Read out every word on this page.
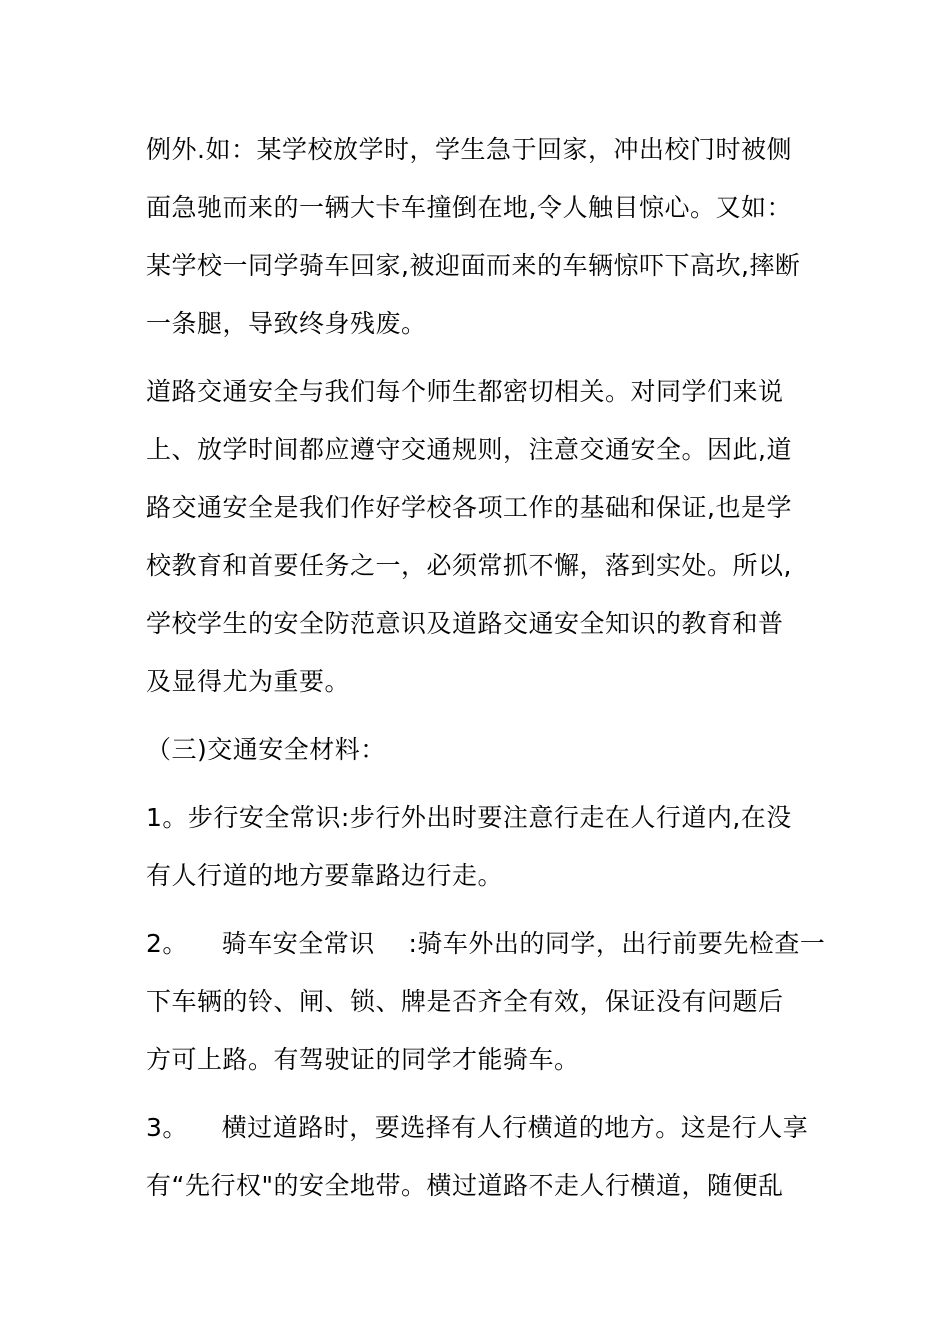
例外.如：某学校放学时，学生急于回家，冲出校门时被侧

面急驰而来的一辆大卡车撞倒在地,令人触目惊心。又如：

某学校一同学骑车回家,被迎面而来的车辆惊吓下高坎,摔断

一条腿，导致终身残废。

道路交通安全与我们每个师生都密切相关。对同学们来说

上、放学时间都应遵守交通规则，注意交通安全。因此,道

路交通安全是我们作好学校各项工作的基础和保证,也是学

校教育和首要任务之一，必须常抓不懈，落到实处。所以,

学校学生的安全防范意识及道路交通安全知识的教育和普

及显得尤为重要。

（三)交通安全材料：

1。步行安全常识:步行外出时要注意行走在人行道内,在没

有人行道的地方要靠路边行走。

2。    骑车安全常识    :骑车外出的同学，出行前要先检查一

下车辆的铃、闸、锁、牌是否齐全有效，保证没有问题后

方可上路。有驾驶证的同学才能骑车。

3。    横过道路时，要选择有人行横道的地方。这是行人享

有“先行权"的安全地带。横过道路不走人行横道，随便乱
